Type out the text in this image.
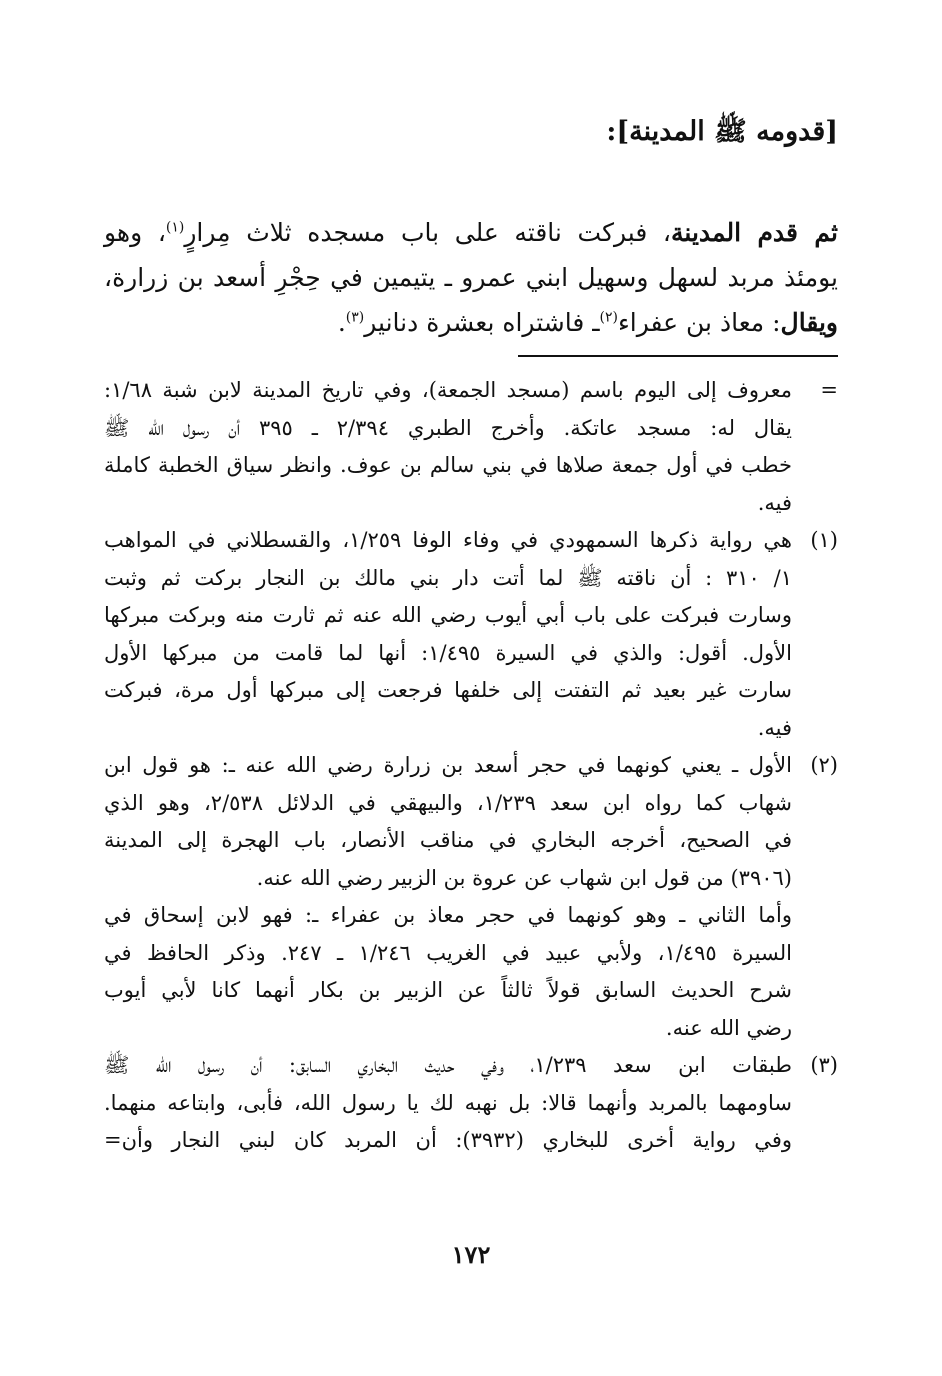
[قدومه ﷺ المدينة]:
ثم قدم المدينة، فبركت ناقته على باب مسجده ثلاث مِرارٍ$^{(١)}$، وهو
يومئذ مربد لسهل وسهيل ابني عمرو ـ يتيمين في حِجْرِ أسعد بن زرارة،
ويقال: معاذ بن عفراء$^{(٢)}$ـ فاشتراه بعشرة دنانير$^{(٣)}$.
=
معروف إلى اليوم باسم (مسجد الجمعة)، وفي تاريخ المدينة لابن شبة ١/٦٨:
يقال له: مسجد عاتكة. وأخرج الطبري ٢/٣٩٤ ـ ٣٩٥ أن رسول الله ﷺ
خطب في أول جمعة صلاها في بني سالم بن عوف. وانظر سياق الخطبة كاملة
فيه.
(١)
هي رواية ذكرها السمهودي في وفاء الوفا ١/٢٥٩، والقسطلاني في المواهب
١/ ٣١٠ : أن ناقته ﷺ لما أتت دار بني مالك بن النجار بركت ثم وثبت
وسارت فبركت على باب أبي أيوب رضي الله عنه ثم ثارت منه وبركت مبركها
الأول. أقول: والذي في السيرة ١/٤٩٥: أنها لما قامت من مبركها الأول
سارت غير بعيد ثم التفتت إلى خلفها فرجعت إلى مبركها أول مرة، فبركت
فيه.
(٢)
الأول ـ يعني كونهما في حجر أسعد بن زرارة رضي الله عنه ـ: هو قول ابن
شهاب كما رواه ابن سعد ١/٢٣٩، والبيهقي في الدلائل ٢/٥٣٨، وهو الذي
في الصحيح، أخرجه البخاري في مناقب الأنصار، باب الهجرة إلى المدينة
(٣٩٠٦) من قول ابن شهاب عن عروة بن الزبير رضي الله عنه.
وأما الثاني ـ وهو كونهما في حجر معاذ بن عفراء ـ: فهو لابن إسحاق في
السيرة ١/٤٩٥، ولأبي عبيد في الغريب ١/٢٤٦ ـ ٢٤٧. وذكر الحافظ في
شرح الحديث السابق قولاً ثالثاً عن الزبير بن بكار أنهما كانا لأبي أيوب
رضي الله عنه.
(٣)
طبقات ابن سعد ١/٢٣٩، وفي حديث البخاري السابق: أن رسول الله ﷺ
ساومهما بالمربد وأنهما قالا: بل نهبه لك يا رسول الله، فأبى، وابتاعه منهما.
وفي رواية أخرى للبخاري (٣٩٣٢): أن المربد كان لبني النجار وأن=
١٧٢
